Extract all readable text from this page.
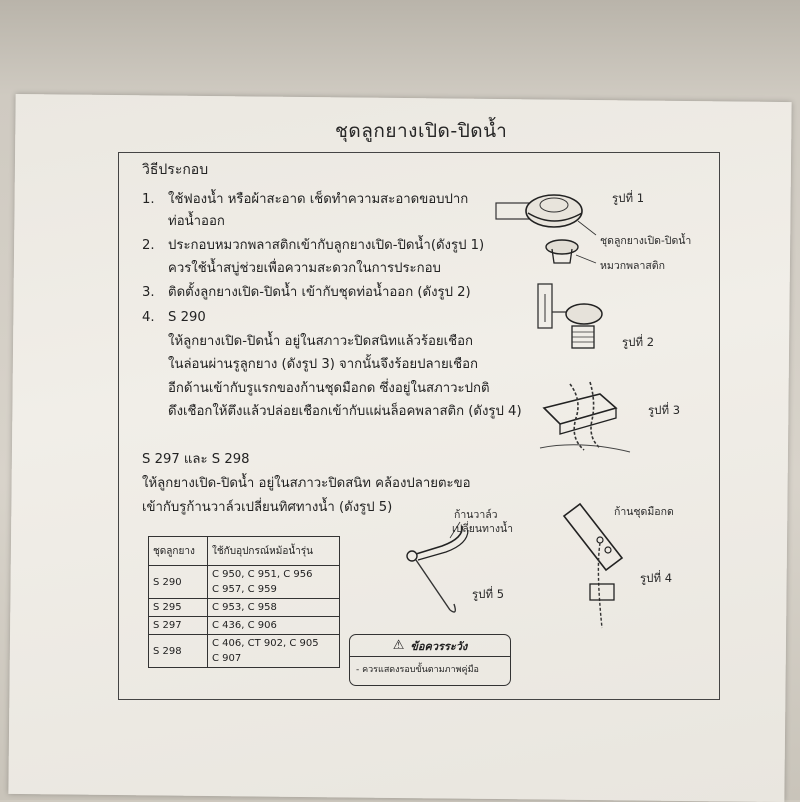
ชุดลูกยางเปิด-ปิดน้ำ
วิธีประกอบ
1. ใช้ฟองน้ำ หรือผ้าสะอาด เช็ดทำความสะอาดขอบปาก
ท่อน้ำออก
2. ประกอบหมวกพลาสติกเข้ากับลูกยางเปิด-ปิดน้ำ(ดังรูป 1)
ควรใช้น้ำสบู่ช่วยเพื่อความสะดวกในการประกอบ
3. ติดตั้งลูกยางเปิด-ปิดน้ำ เข้ากับชุดท่อน้ำออก (ดังรูป 2)
4. S 290
ให้ลูกยางเปิด-ปิดน้ำ อยู่ในสภาวะปิดสนิทแล้วร้อยเชือก
ในล่อนผ่านรูลูกยาง (ดังรูป 3) จากนั้นจึงร้อยปลายเชือก
อีกด้านเข้ากับรูแรกของก้านชุดมือกด ซึ่งอยู่ในสภาวะปกติ
ดึงเชือกให้ตึงแล้วปล่อยเชือกเข้ากับแผ่นล็อคพลาสติก (ดังรูป 4)
S 297 และ S 298
ให้ลูกยางเปิด-ปิดน้ำ อยู่ในสภาวะปิดสนิท คล้องปลายตะขอ
เข้ากับรูก้านวาล์วเปลี่ยนทิศทางน้ำ (ดังรูป 5)
รูปที่ 1
ชุดลูกยางเปิด-ปิดน้ำ
หมวกพลาสติก
รูปที่ 2
รูปที่ 3
ก้านวาล์ว
เปลี่ยนทางน้ำ
รูปที่ 5
ก้านชุดมือกด
รูปที่ 4
ชุดลูกยาง	ใช้กับอุปกรณ์หม้อน้ำรุ่น
S 290	C 950, C 951, C 956
C 957, C 959

S 295	C 953, C 958

S 297	C 436, C 906

S 298	C 406, CT 902, C 905
C 907
⚠ ข้อควรระวัง
- ควรแสดงรอบขั้นตามภาพคู่มือ
